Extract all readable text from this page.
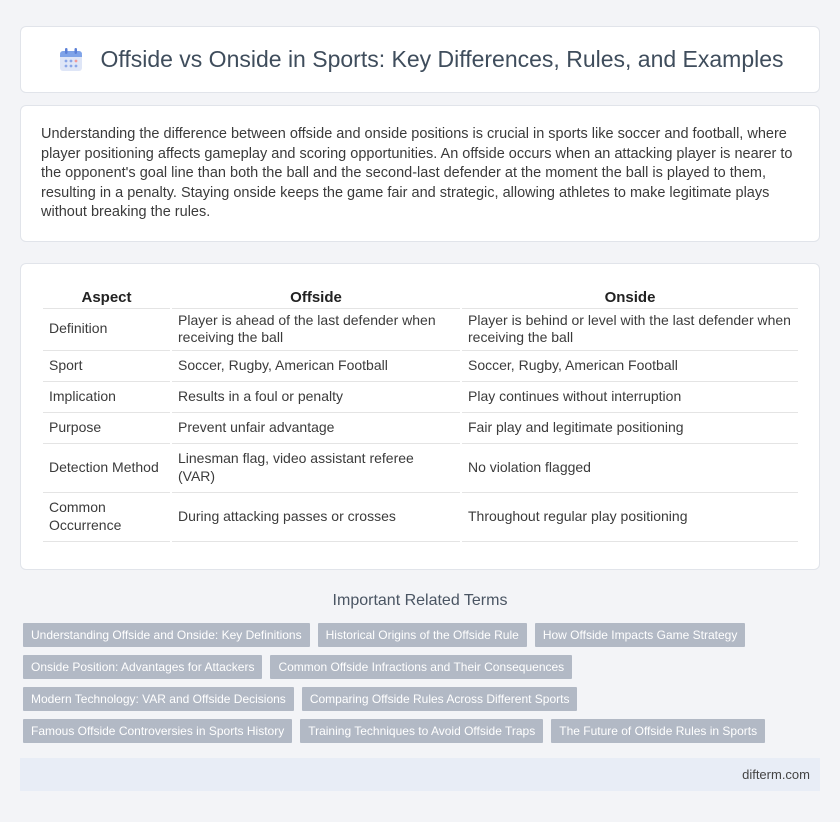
Offside vs Onside in Sports: Key Differences, Rules, and Examples

Understanding the difference between offside and onside positions is crucial in sports like soccer and football, where player positioning affects gameplay and scoring opportunities. An offside occurs when an attacking player is nearer to the opponent's goal line than both the ball and the second-last defender at the moment the ball is played to them, resulting in a penalty. Staying onside keeps the game fair and strategic, allowing athletes to make legitimate plays without breaking the rules.

Aspect	Offside	Onside
Definition	Player is ahead of the last defender when receiving the ball	Player is behind or level with the last defender when receiving the ball
Sport	Soccer, Rugby, American Football	Soccer, Rugby, American Football
Implication	Results in a foul or penalty	Play continues without interruption
Purpose	Prevent unfair advantage	Fair play and legitimate positioning
Detection Method	Linesman flag, video assistant referee (VAR)	No violation flagged
Common Occurrence	During attacking passes or crosses	Throughout regular play positioning
Important Related Terms
Understanding Offside and Onside: Key Definitions	Historical Origins of the Offside Rule	How Offside Impacts Game Strategy
Onside Position: Advantages for Attackers	Common Offside Infractions and Their Consequences
Modern Technology: VAR and Offside Decisions	Comparing Offside Rules Across Different Sports
Famous Offside Controversies in Sports History	Training Techniques to Avoid Offside Traps	The Future of Offside Rules in Sports
difterm.com
